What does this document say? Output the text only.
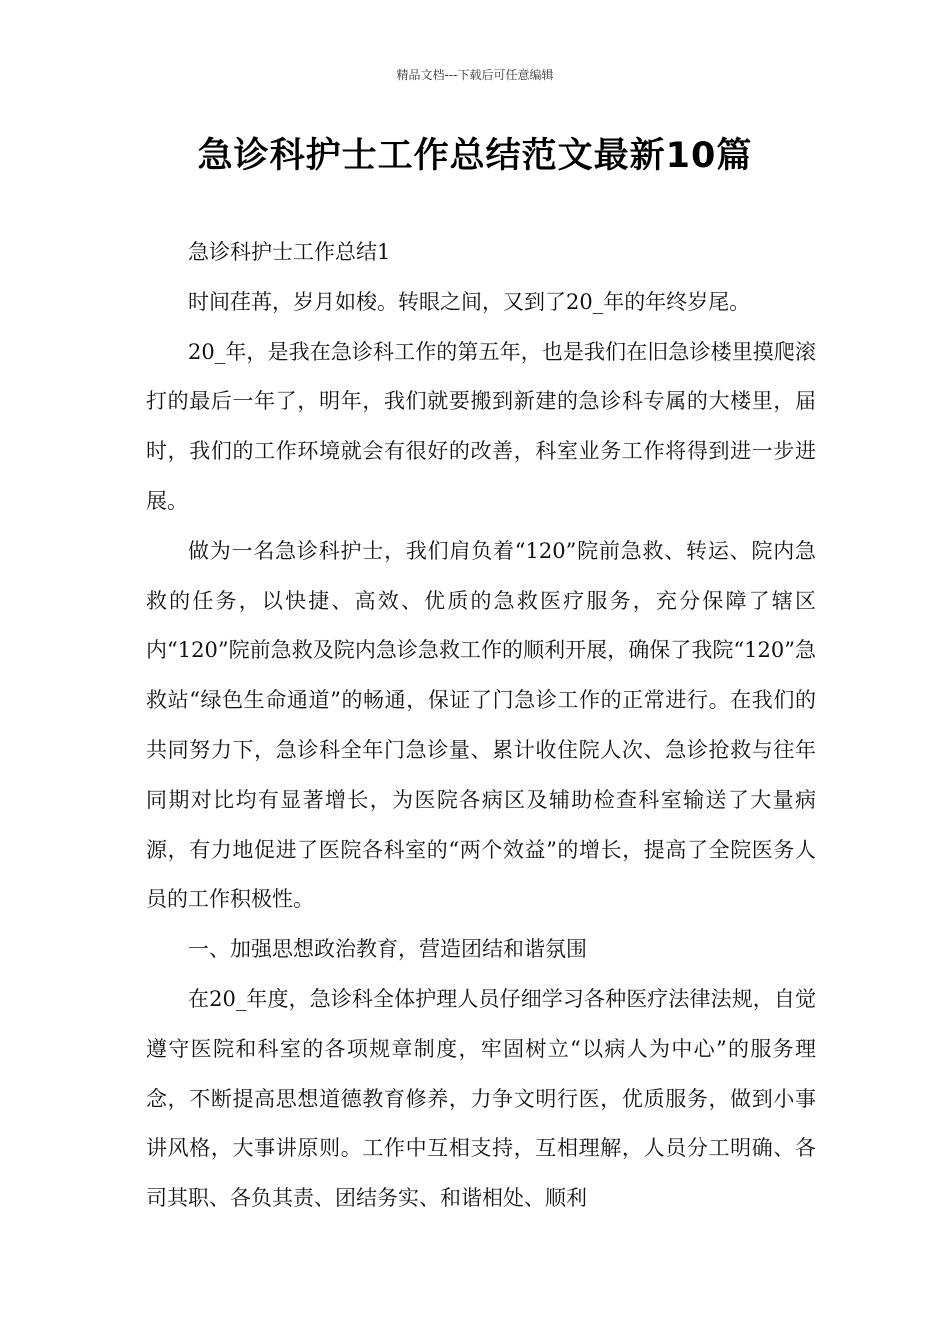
精品文档---下载后可任意编辑
急诊科护士工作总结范文最新10篇

急诊科护士工作总结1

时间荏苒，岁月如梭。转眼之间，又到了20_年的年终岁尾。

20_年，是我在急诊科工作的第五年，也是我们在旧急诊楼里摸爬滚打的最后一年了，明年，我们就要搬到新建的急诊科专属的大楼里，届时，我们的工作环境就会有很好的改善，科室业务工作将得到进一步进展。

做为一名急诊科护士，我们肩负着“120”院前急救、转运、院内急救的任务，以快捷、高效、优质的急救医疗服务，充分保障了辖区内“120”院前急救及院内急诊急救工作的顺利开展，确保了我院“120”急救站“绿色生命通道”的畅通，保证了门急诊工作的正常进行。在我们的共同努力下，急诊科全年门急诊量、累计收住院人次、急诊抢救与往年同期对比均有显著增长，为医院各病区及辅助检查科室输送了大量病源，有力地促进了医院各科室的“两个效益”的增长，提高了全院医务人员的工作积极性。

一、加强思想政治教育，营造团结和谐氛围

在20_年度，急诊科全体护理人员仔细学习各种医疗法律法规，自觉遵守医院和科室的各项规章制度，牢固树立“以病人为中心”的服务理念，不断提高思想道德教育修养，力争文明行医，优质服务，做到小事讲风格，大事讲原则。工作中互相支持，互相理解，人员分工明确、各司其职、各负其责、团结务实、和谐相处、顺利
